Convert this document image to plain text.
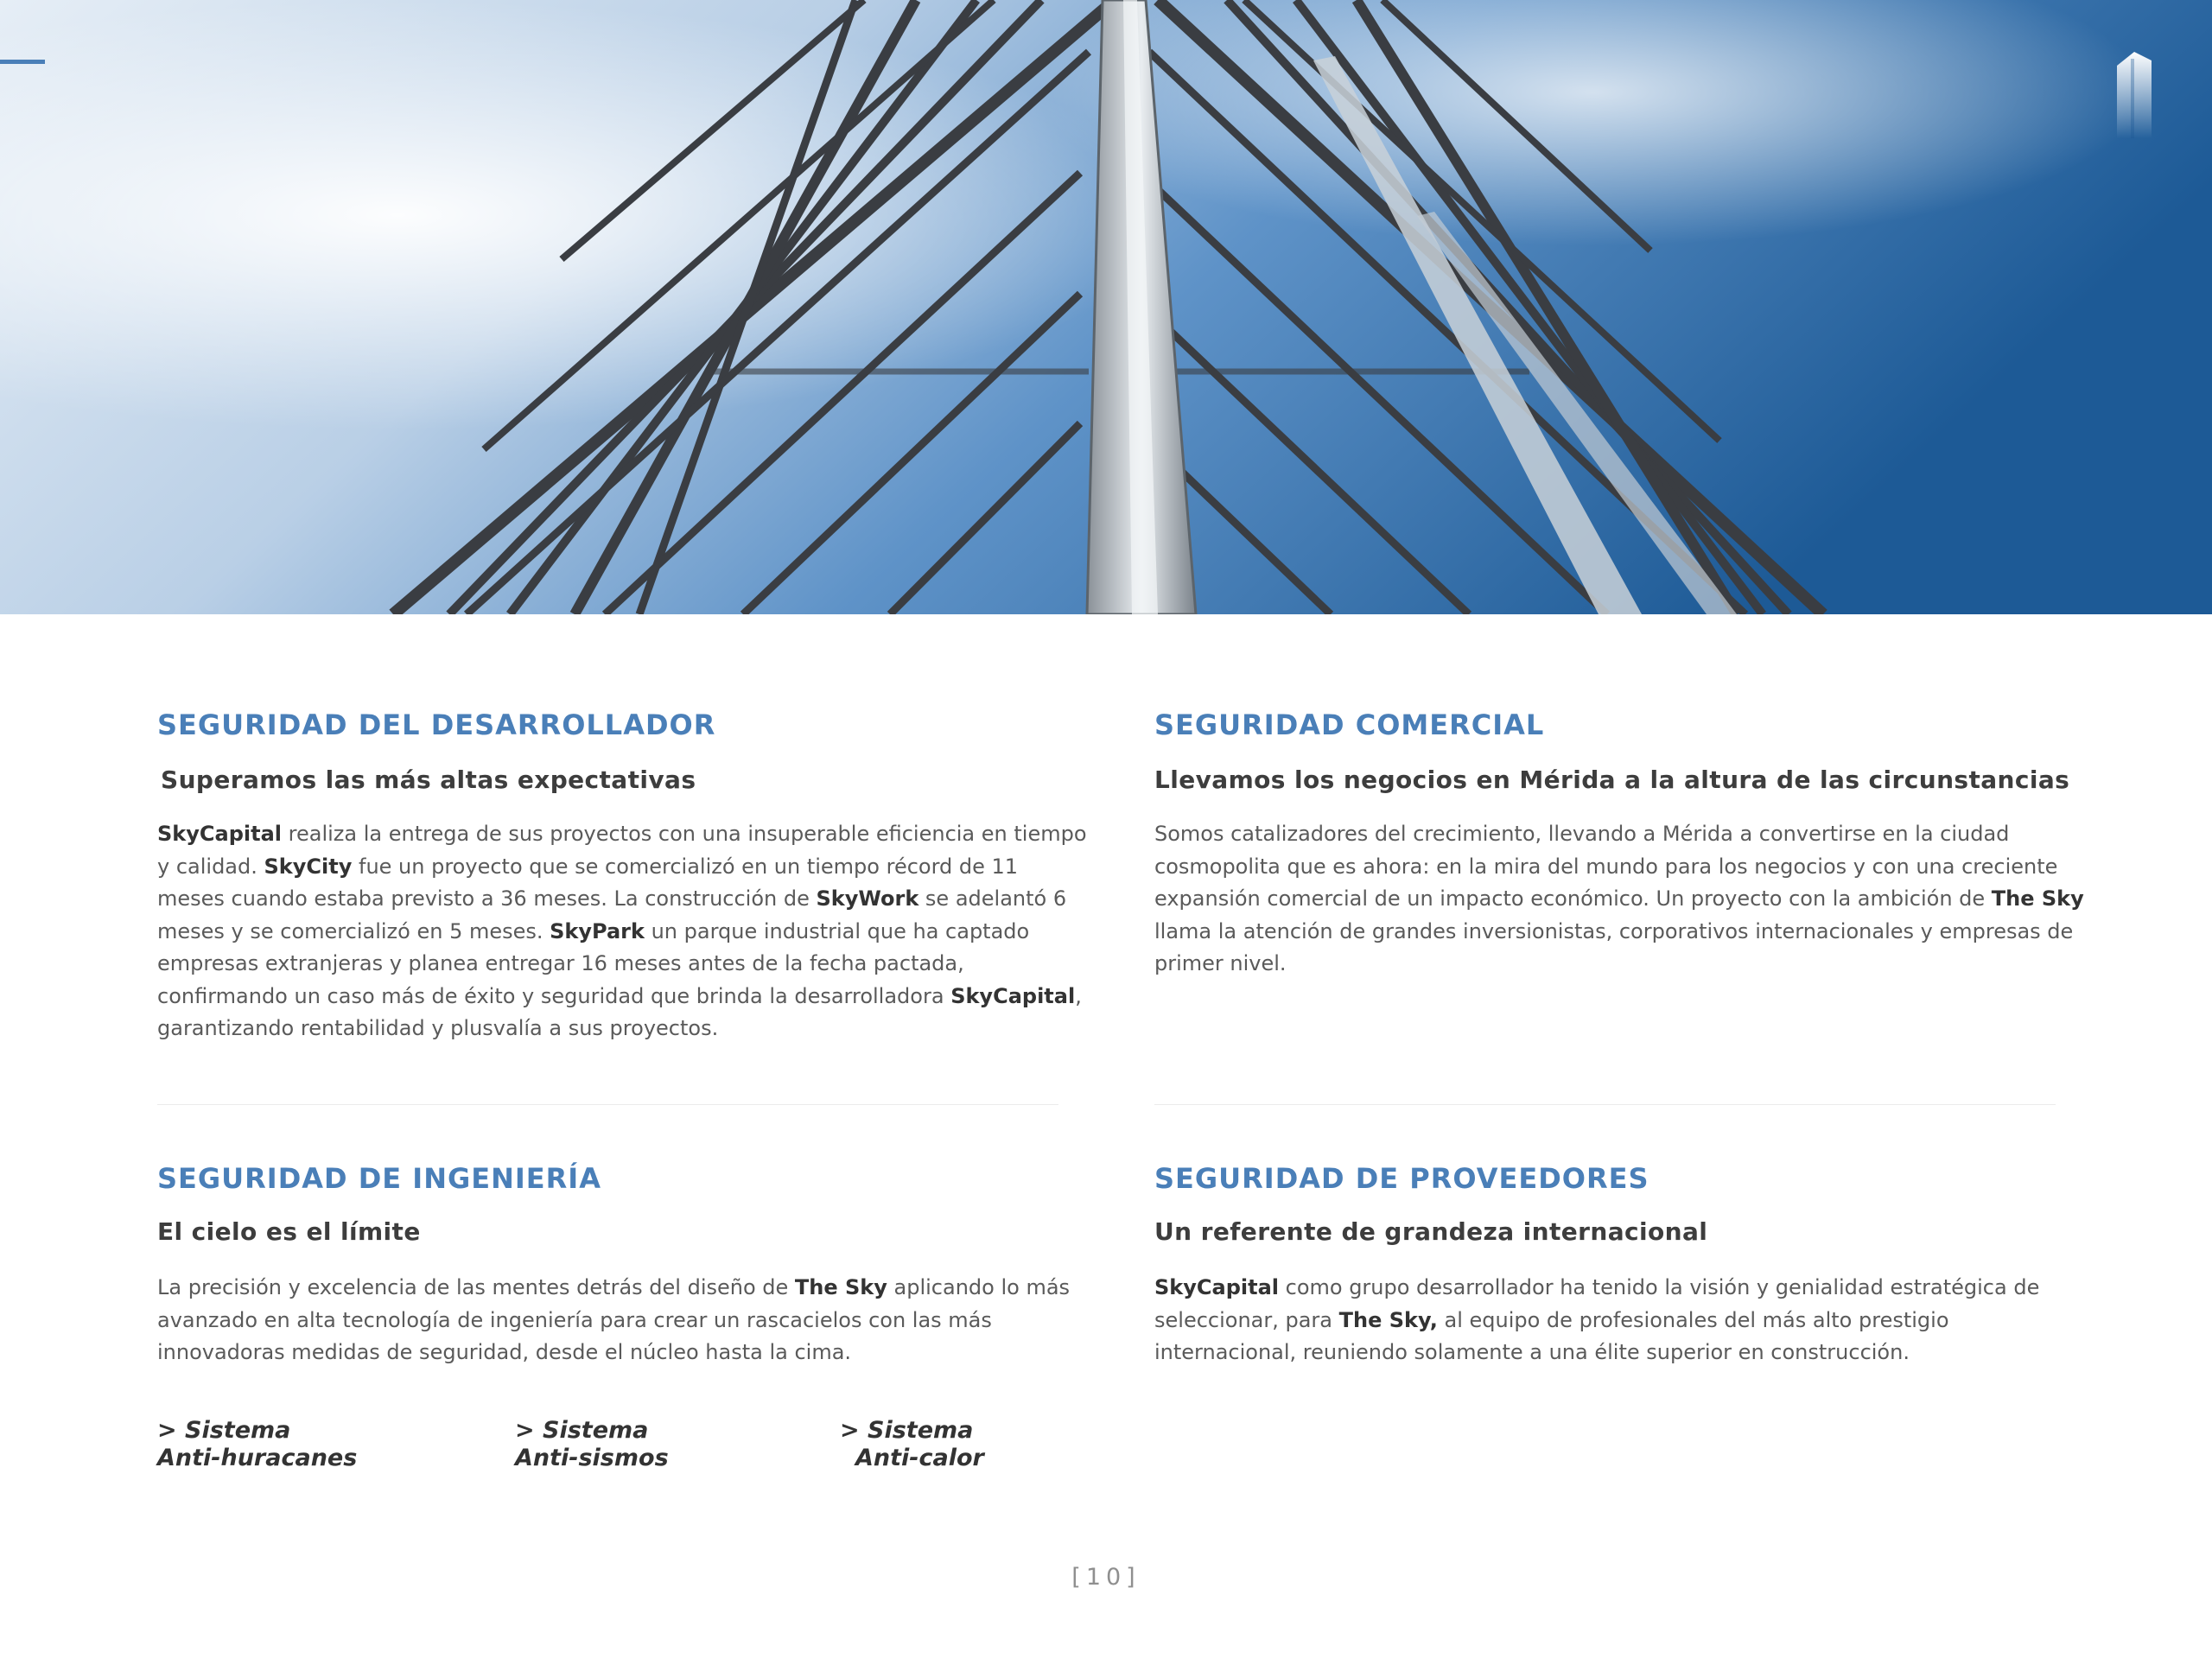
SEGURIDAD DEL DESARROLLADOR
Superamos las más altas expectativas

SkyCapital realiza la entrega de sus proyectos con una insuperable eficiencia en tiempo y calidad. SkyCity fue un proyecto que se comercializó en un tiempo récord de 11 meses cuando estaba previsto a 36 meses. La construcción de SkyWork se adelantó 6 meses y se comercializó en 5 meses. SkyPark un parque industrial que ha captado empresas extranjeras y planea entregar 16 meses antes de la fecha pactada, confirmando un caso más de éxito y seguridad que brinda la desarrolladora SkyCapital, garantizando rentabilidad y plusvalía a sus proyectos.

SEGURIDAD COMERCIAL
Llevamos los negocios en Mérida a la altura de las circunstancias

Somos catalizadores del crecimiento, llevando a Mérida a convertirse en la ciudad cosmopolita que es ahora: en la mira del mundo para los negocios y con una creciente expansión comercial de un impacto económico. Un proyecto con la ambición de The Sky llama la atención de grandes inversionistas, corporativos internacionales y empresas de primer nivel.

SEGURIDAD DE INGENIERÍA
El cielo es el límite

La precisión y excelencia de las mentes detrás del diseño de The Sky aplicando lo más avanzado en alta tecnología de ingeniería para crear un rascacielos con las más innovadoras medidas de seguridad, desde el núcleo hasta la cima.

> Sistema
Anti-huracanes
> Sistema
Anti-sismos
> Sistema
Anti-calor
SEGURIDAD DE PROVEEDORES
Un referente de grandeza internacional

SkyCapital como grupo desarrollador ha tenido la visión y genialidad estratégica de seleccionar, para The Sky, al equipo de profesionales del más alto prestigio internacional, reuniendo solamente a una élite superior en construcción.

[10]
